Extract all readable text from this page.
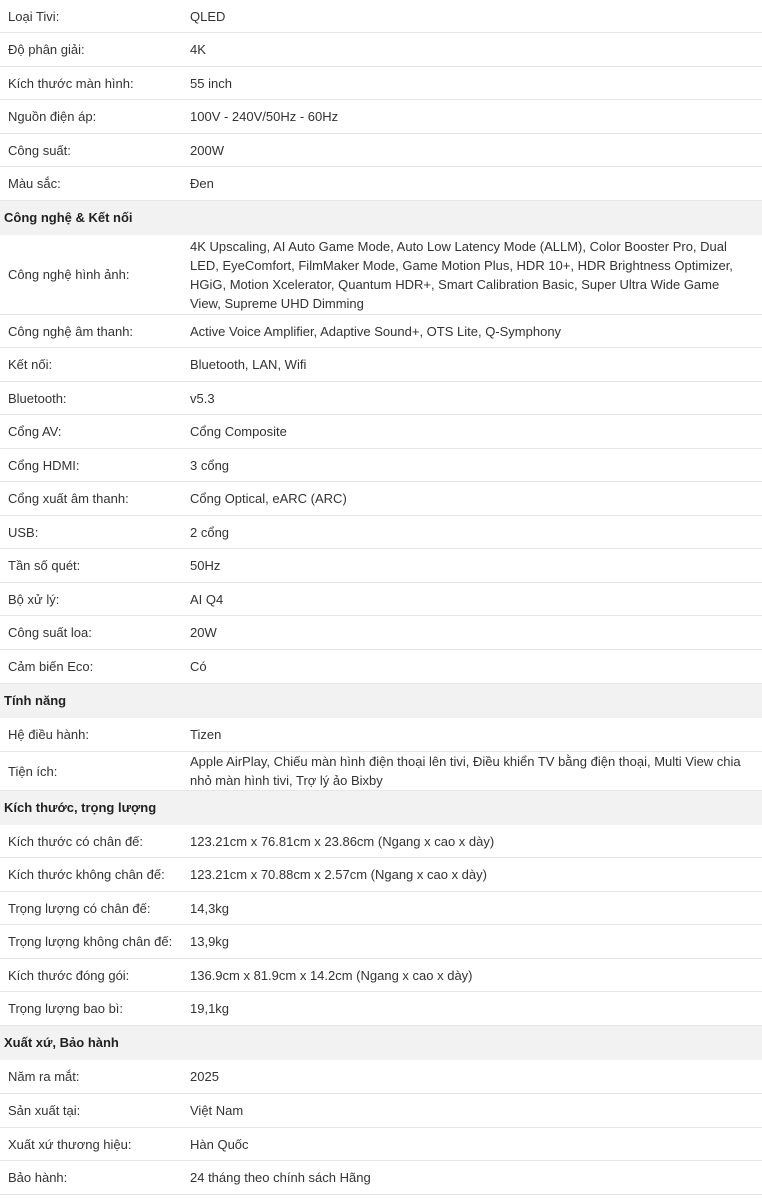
Loại Tivi:	QLED
Độ phân giải:	4K
Kích thước màn hình:	55 inch
Nguồn điện áp:	100V - 240V/50Hz - 60Hz
Công suất:	200W
Màu sắc:	Đen
Công nghệ & Kết nối
Công nghệ hình ảnh:
4K Upscaling, AI Auto Game Mode, Auto Low Latency Mode (ALLM), Color Booster Pro, Dual LED, EyeComfort, FilmMaker Mode, Game Motion Plus, HDR 10+, HDR Brightness Optimizer, HGiG, Motion Xcelerator, Quantum HDR+, Smart Calibration Basic, Super Ultra Wide Game View, Supreme UHD Dimming
Công nghệ âm thanh:	Active Voice Amplifier, Adaptive Sound+, OTS Lite, Q-Symphony
Kết nối:	Bluetooth, LAN, Wifi
Bluetooth:	v5.3
Cổng AV:	Cổng Composite
Cổng HDMI:	3 cổng
Cổng xuất âm thanh:	Cổng Optical, eARC (ARC)
USB:	2 cổng
Tần số quét:	50Hz
Bộ xử lý:	AI Q4
Công suất loa:	20W
Cảm biến Eco:	Có
Tính năng
Hệ điều hành:	Tizen
Tiện ích:
Apple AirPlay, Chiếu màn hình điện thoại lên tivi, Điều khiển TV bằng điện thoại, Multi View chia nhỏ màn hình tivi, Trợ lý ảo Bixby
Kích thước, trọng lượng
Kích thước có chân đế:	123.21cm x 76.81cm x 23.86cm (Ngang x cao x dày)
Kích thước không chân đế:	123.21cm x 70.88cm x 2.57cm (Ngang x cao x dày)
Trọng lượng có chân đế:	14,3kg
Trọng lượng không chân đế:	13,9kg
Kích thước đóng gói:	136.9cm x 81.9cm x 14.2cm (Ngang x cao x dày)
Trọng lượng bao bì:	19,1kg
Xuất xứ, Bảo hành
Năm ra mắt:	2025
Sản xuất tại:	Việt Nam
Xuất xứ thương hiệu:	Hàn Quốc
Bảo hành:	24 tháng theo chính sách Hãng
